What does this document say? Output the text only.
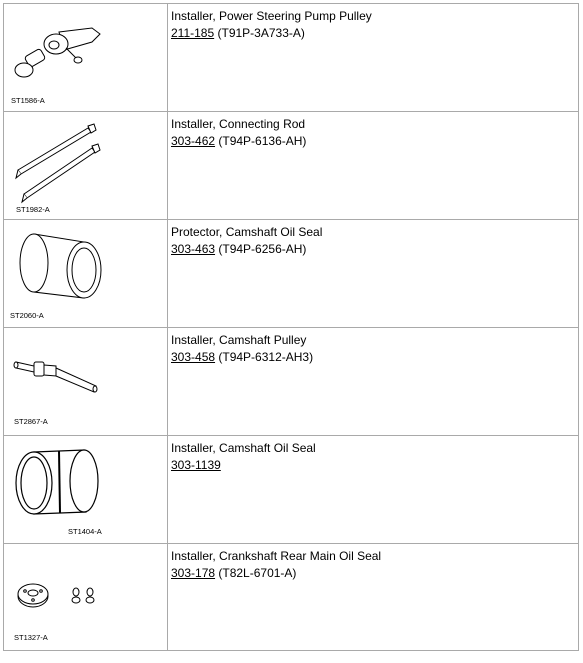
ST1586-A
Installer, Power Steering Pump Pulley
211-185 (T91P-3A733-A)
ST1982-A
Installer, Connecting Rod
303-462 (T94P-6136-AH)
ST2060-A
Protector, Camshaft Oil Seal
303-463 (T94P-6256-AH)
ST2867-A
Installer, Camshaft Pulley
303-458 (T94P-6312-AH3)
ST1404-A
Installer, Camshaft Oil Seal
303-1139
ST1327-A
Installer, Crankshaft Rear Main Oil Seal
303-178 (T82L-6701-A)
